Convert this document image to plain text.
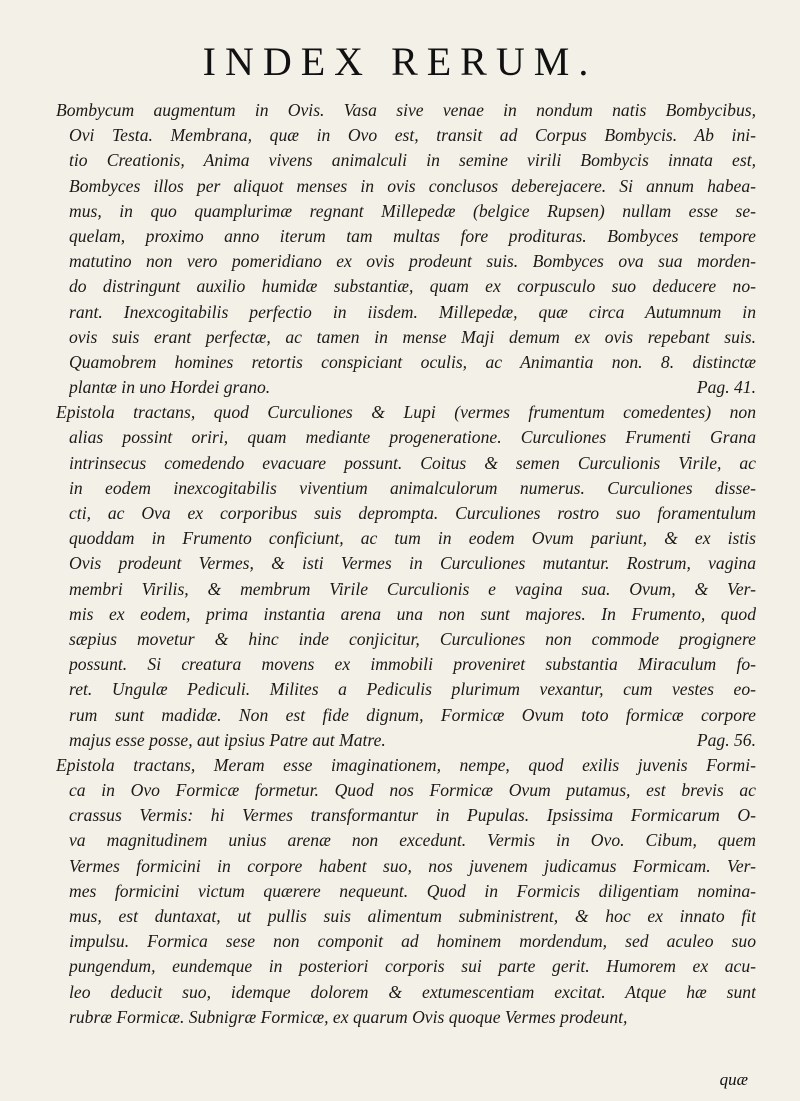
INDEX RERUM.
Bombycum augmentum in Ovis. Vasa sive venae in nondum natis Bombycibus,
Ovi Testa. Membrana, quæ in Ovo est, transit ad Corpus Bombycis. Ab ini-
tio Creationis, Anima vivens animalculi in semine virili Bombycis innata est,
Bombyces illos per aliquot menses in ovis conclusos deberejacere. Si annum habea-
mus, in quo quamplurimæ regnant Millepedæ (belgice Rupsen) nullam esse se-
quelam, proximo anno iterum tam multas fore prodituras. Bombyces tempore
matutino non vero pomeridiano ex ovis prodeunt suis. Bombyces ova sua morden-
do distringunt auxilio humidæ substantiæ, quam ex corpusculo suo deducere no-
rant. Inexcogitabilis perfectio in iisdem. Millepedæ, quæ circa Autumnum in
ovis suis erant perfectæ, ac tamen in mense Maji demum ex ovis repebant suis.
Quamobrem homines retortis conspiciant oculis, ac Animantia non. 8. distinctæ
plantæ in uno Hordei grano.	Pag. 41.
Epistola tractans, quod Curculiones & Lupi (vermes frumentum comedentes) non
alias possint oriri, quam mediante progeneratione. Curculiones Frumenti Grana
intrinsecus comedendo evacuare possunt. Coitus & semen Curculionis Virile, ac
in eodem inexcogitabilis viventium animalculorum numerus. Curculiones disse-
cti, ac Ova ex corporibus suis deprompta. Curculiones rostro suo foramentulum
quoddam in Frumento conficiunt, ac tum in eodem Ovum pariunt, & ex istis
Ovis prodeunt Vermes, & isti Vermes in Curculiones mutantur. Rostrum, vagina
membri Virilis, & membrum Virile Curculionis e vagina sua. Ovum, & Ver-
mis ex eodem, prima instantia arena una non sunt majores. In Frumento, quod
sæpius movetur & hinc inde conjicitur, Curculiones non commode progignere
possunt. Si creatura movens ex immobili proveniret substantia Miraculum fo-
ret. Ungulæ Pediculi. Milites a Pediculis plurimum vexantur, cum vestes eo-
rum sunt madidæ. Non est fide dignum, Formicæ Ovum toto formicæ corpore
majus esse posse, aut ipsius Patre aut Matre.	Pag. 56.
Epistola tractans, Meram esse imaginationem, nempe, quod exilis juvenis Formi-
ca in Ovo Formicæ formetur. Quod nos Formicæ Ovum putamus, est brevis ac
crassus Vermis: hi Vermes transformantur in Pupulas. Ipsissima Formicarum O-
va magnitudinem unius arenæ non excedunt. Vermis in Ovo. Cibum, quem
Vermes formicini in corpore habent suo, nos juvenem judicamus Formicam. Ver-
mes formicini victum quærere nequeunt. Quod in Formicis diligentiam nomina-
mus, est duntaxat, ut pullis suis alimentum subministrent, & hoc ex innato fit
impulsu. Formica sese non componit ad hominem mordendum, sed aculeo suo
pungendum, eundemque in posteriori corporis sui parte gerit. Humorem ex acu-
leo deducit suo, idemque dolorem & extumescentiam excitat. Atque hæ sunt
rubræ Formicæ. Subnigræ Formicæ, ex quarum Ovis quoque Vermes prodeunt,
quæ
